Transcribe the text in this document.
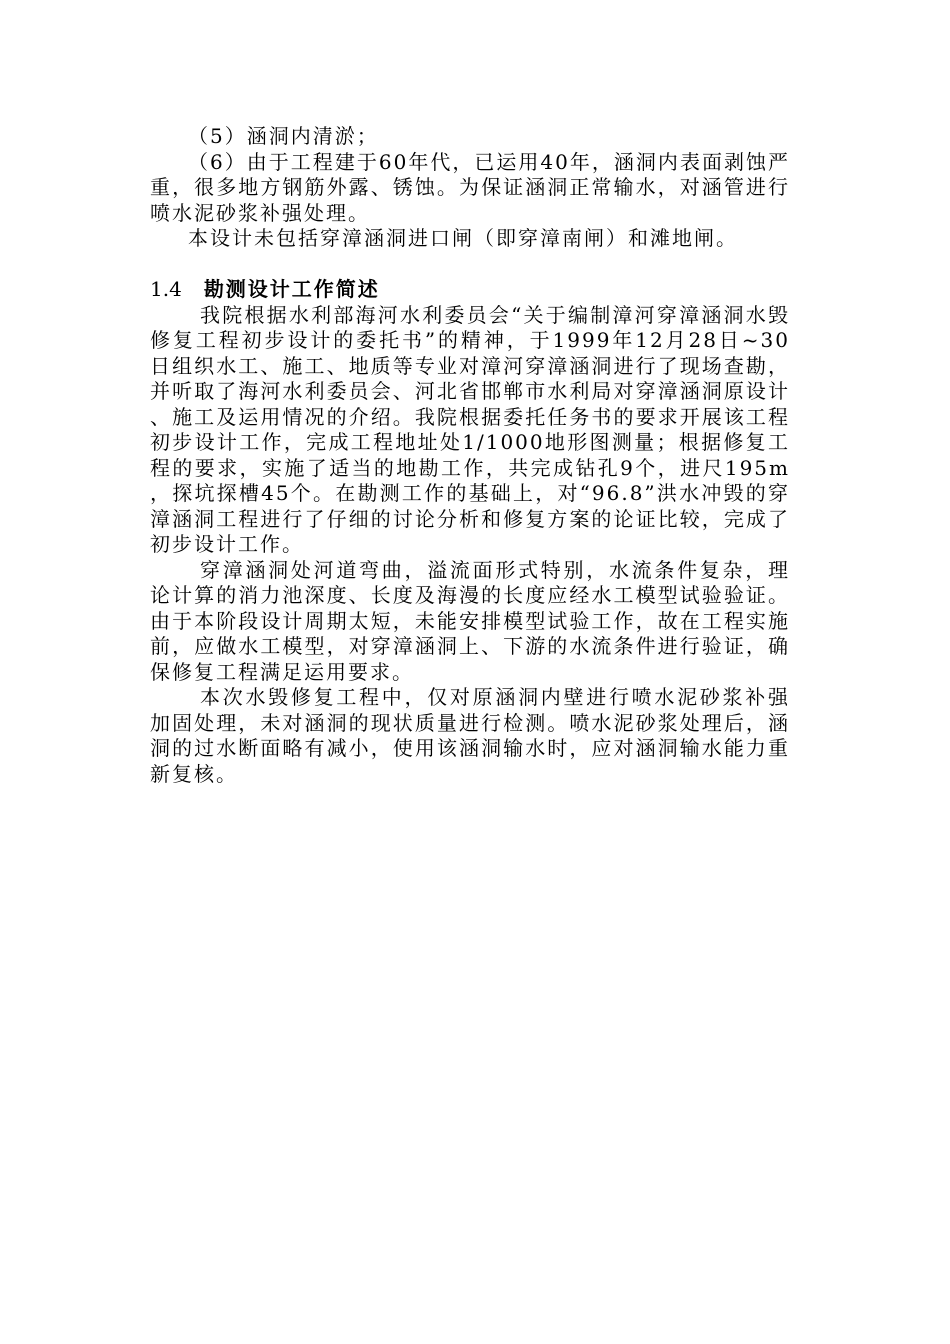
（5）涵洞内清淤；

（6）由于工程建于60年代，已运用40年，涵洞内表面剥蚀严重，很多地方钢筋外露、锈蚀。为保证涵洞正常输水，对涵管进行喷水泥砂浆补强处理。

本设计未包括穿漳涵洞进口闸（即穿漳南闸）和滩地闸。

1.4 勘测设计工作简述

我院根据水利部海河水利委员会“关于编制漳河穿漳涵洞水毁修复工程初步设计的委托书”的精神，于1999年12月28日~30日组织水工、施工、地质等专业对漳河穿漳涵洞进行了现场查勘，并听取了海河水利委员会、河北省邯郸市水利局对穿漳涵洞原设计、施工及运用情况的介绍。我院根据委托任务书的要求开展该工程初步设计工作，完成工程地址处1/1000地形图测量；根据修复工程的要求，实施了适当的地勘工作，共完成钻孔9个，进尺195m，探坑探槽45个。在勘测工作的基础上，对“96.8”洪水冲毁的穿漳涵洞工程进行了仔细的讨论分析和修复方案的论证比较，完成了初步设计工作。

穿漳涵洞处河道弯曲，溢流面形式特别，水流条件复杂，理论计算的消力池深度、长度及海漫的长度应经水工模型试验验证。由于本阶段设计周期太短，未能安排模型试验工作，故在工程实施前，应做水工模型，对穿漳涵洞上、下游的水流条件进行验证，确保修复工程满足运用要求。

本次水毁修复工程中，仅对原涵洞内壁进行喷水泥砂浆补强加固处理，未对涵洞的现状质量进行检测。喷水泥砂浆处理后，涵洞的过水断面略有减小，使用该涵洞输水时，应对涵洞输水能力重新复核。
